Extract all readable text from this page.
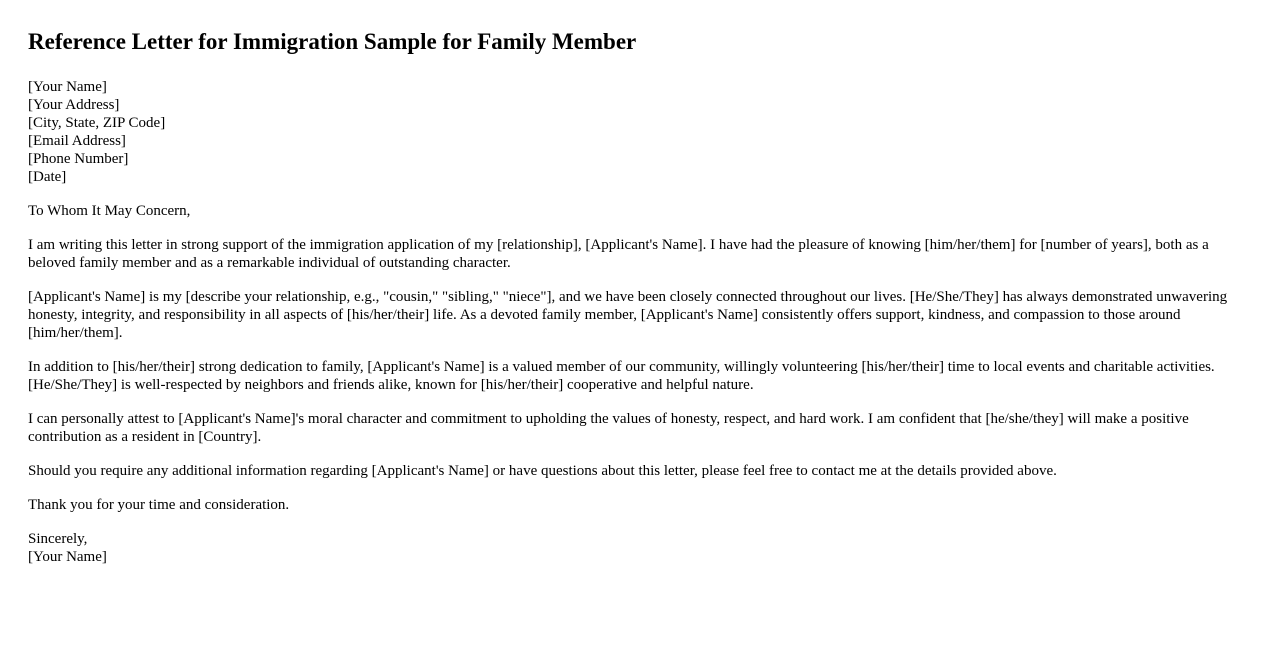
Reference Letter for Immigration Sample for Family Member
[Your Name]
[Your Address]
[City, State, ZIP Code]
[Email Address]
[Phone Number]
[Date]

To Whom It May Concern,

I am writing this letter in strong support of the immigration application of my [relationship], [Applicant's Name]. I have had the pleasure of knowing [him/her/them] for [number of years], both as a beloved family member and as a remarkable individual of outstanding character.

[Applicant's Name] is my [describe your relationship, e.g., "cousin," "sibling," "niece"], and we have been closely connected throughout our lives. [He/She/They] has always demonstrated unwavering honesty, integrity, and responsibility in all aspects of [his/her/their] life. As a devoted family member, [Applicant's Name] consistently offers support, kindness, and compassion to those around [him/her/them].

In addition to [his/her/their] strong dedication to family, [Applicant's Name] is a valued member of our community, willingly volunteering [his/her/their] time to local events and charitable activities. [He/She/They] is well-respected by neighbors and friends alike, known for [his/her/their] cooperative and helpful nature.

I can personally attest to [Applicant's Name]'s moral character and commitment to upholding the values of honesty, respect, and hard work. I am confident that [he/she/they] will make a positive contribution as a resident in [Country].

Should you require any additional information regarding [Applicant's Name] or have questions about this letter, please feel free to contact me at the details provided above.

Thank you for your time and consideration.

Sincerely,
[Your Name]
